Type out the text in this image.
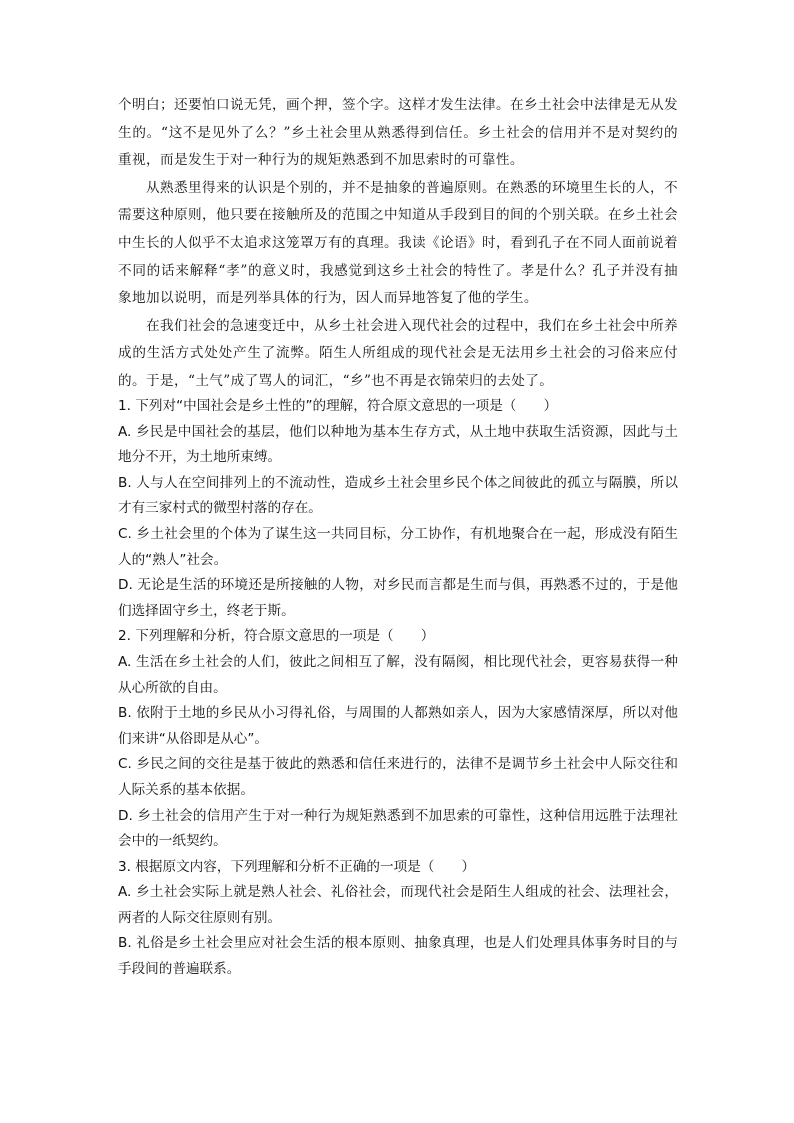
个明白；还要怕口说无凭，画个押，签个字。这样才发生法律。在乡土社会中法律是无从发生的。“这不是见外了么？”乡土社会里从熟悉得到信任。乡土社会的信用并不是对契约的重视，而是发生于对一种行为的规矩熟悉到不加思索时的可靠性。

从熟悉里得来的认识是个别的，并不是抽象的普遍原则。在熟悉的环境里生长的人，不需要这种原则，他只要在接触所及的范围之中知道从手段到目的间的个别关联。在乡土社会中生长的人似乎不太追求这笼罩万有的真理。我读《论语》时，看到孔子在不同人面前说着不同的话来解释“孝”的意义时，我感觉到这乡土社会的特性了。孝是什么？孔子并没有抽象地加以说明，而是列举具体的行为，因人而异地答复了他的学生。

在我们社会的急速变迁中，从乡土社会进入现代社会的过程中，我们在乡土社会中所养成的生活方式处处产生了流弊。陌生人所组成的现代社会是无法用乡土社会的习俗来应付的。于是，“土气”成了骂人的词汇，“乡”也不再是衣锦荣归的去处了。

1. 下列对“中国社会是乡土性的”的理解，符合原文意思的一项是（　　）

A. 乡民是中国社会的基层，他们以种地为基本生存方式，从土地中获取生活资源，因此与土地分不开，为土地所束缚。

B. 人与人在空间排列上的不流动性，造成乡土社会里乡民个体之间彼此的孤立与隔膜，所以才有三家村式的微型村落的存在。

C. 乡土社会里的个体为了谋生这一共同目标，分工协作，有机地聚合在一起，形成没有陌生人的“熟人”社会。

D. 无论是生活的环境还是所接触的人物，对乡民而言都是生而与俱，再熟悉不过的，于是他们选择固守乡土，终老于斯。

2. 下列理解和分析，符合原文意思的一项是（　　）

A. 生活在乡土社会的人们，彼此之间相互了解，没有隔阂，相比现代社会，更容易获得一种从心所欲的自由。

B. 依附于土地的乡民从小习得礼俗，与周围的人都熟如亲人，因为大家感情深厚，所以对他们来讲“从俗即是从心”。

C. 乡民之间的交往是基于彼此的熟悉和信任来进行的，法律不是调节乡土社会中人际交往和人际关系的基本依据。

D. 乡土社会的信用产生于对一种行为规矩熟悉到不加思索的可靠性，这种信用远胜于法理社会中的一纸契约。

3. 根据原文内容，下列理解和分析不正确的一项是（　　）

A. 乡土社会实际上就是熟人社会、礼俗社会，而现代社会是陌生人组成的社会、法理社会，两者的人际交往原则有别。

B. 礼俗是乡土社会里应对社会生活的根本原则、抽象真理，也是人们处理具体事务时目的与手段间的普遍联系。
